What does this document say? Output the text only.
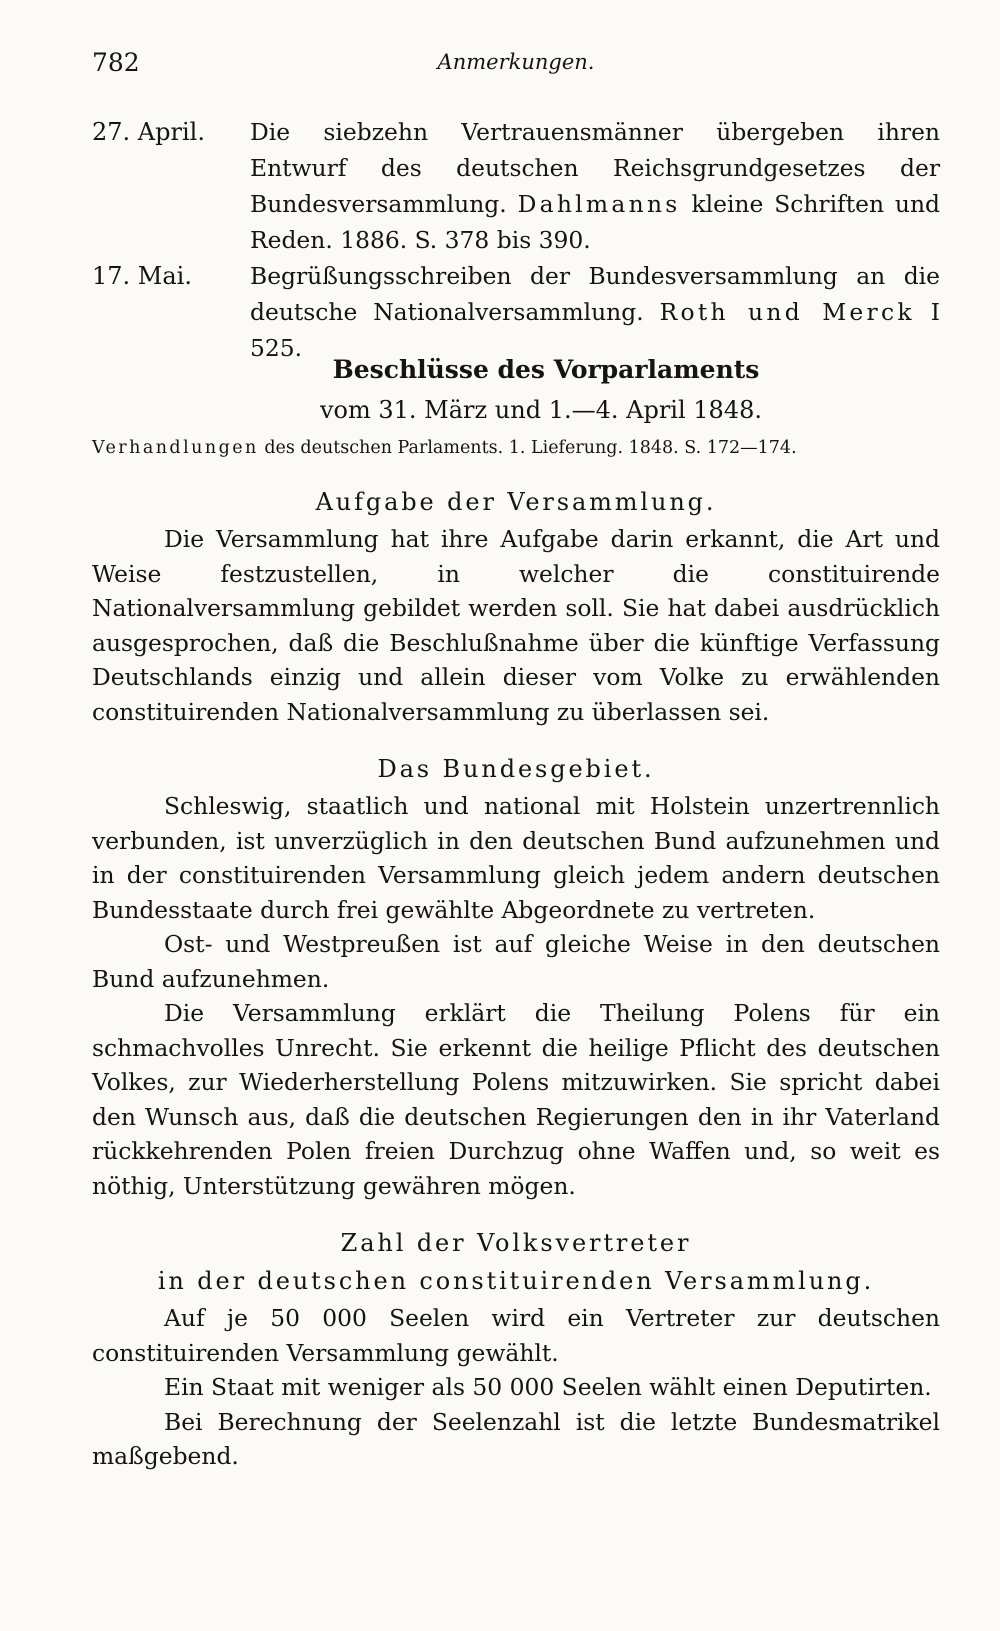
782	Anmerkungen.
27. April. Die siebzehn Vertrauensmänner übergeben ihren Entwurf des deutschen Reichsgrundgesetzes der Bundesversammlung. Dahlmanns kleine Schriften und Reden. 1886. S. 378 bis 390.

17. Mai. Begrüßungsschreiben der Bundesversammlung an die deutsche Nationalversammlung. Roth und Merck I 525.

Beschlüsse des Vorparlaments
vom 31. März und 1.—4. April 1848.
Verhandlungen des deutschen Parlaments. 1. Lieferung. 1848. S. 172—174.
Aufgabe der Versammlung.

Die Versammlung hat ihre Aufgabe darin erkannt, die Art und Weise festzustellen, in welcher die constituirende Nationalversammlung gebildet werden soll. Sie hat dabei ausdrücklich ausgesprochen, daß die Beschlußnahme über die künftige Verfassung Deutschlands einzig und allein dieser vom Volke zu erwählenden constituirenden Nationalversammlung zu überlassen sei.

Das Bundesgebiet.

Schleswig, staatlich und national mit Holstein unzertrennlich verbunden, ist unverzüglich in den deutschen Bund aufzunehmen und in der constituirenden Versammlung gleich jedem andern deutschen Bundesstaate durch frei gewählte Abgeordnete zu vertreten.

Ost- und Westpreußen ist auf gleiche Weise in den deutschen Bund aufzunehmen.

Die Versammlung erklärt die Theilung Polens für ein schmachvolles Unrecht. Sie erkennt die heilige Pflicht des deutschen Volkes, zur Wiederherstellung Polens mitzuwirken. Sie spricht dabei den Wunsch aus, daß die deutschen Regierungen den in ihr Vaterland rückkehrenden Polen freien Durchzug ohne Waffen und, so weit es nöthig, Unterstützung gewähren mögen.

Zahl der Volksvertreter
in der deutschen constituirenden Versammlung.

Auf je 50 000 Seelen wird ein Vertreter zur deutschen constituirenden Versammlung gewählt.

Ein Staat mit weniger als 50 000 Seelen wählt einen Deputirten.

Bei Berechnung der Seelenzahl ist die letzte Bundesmatrikel maßgebend.
